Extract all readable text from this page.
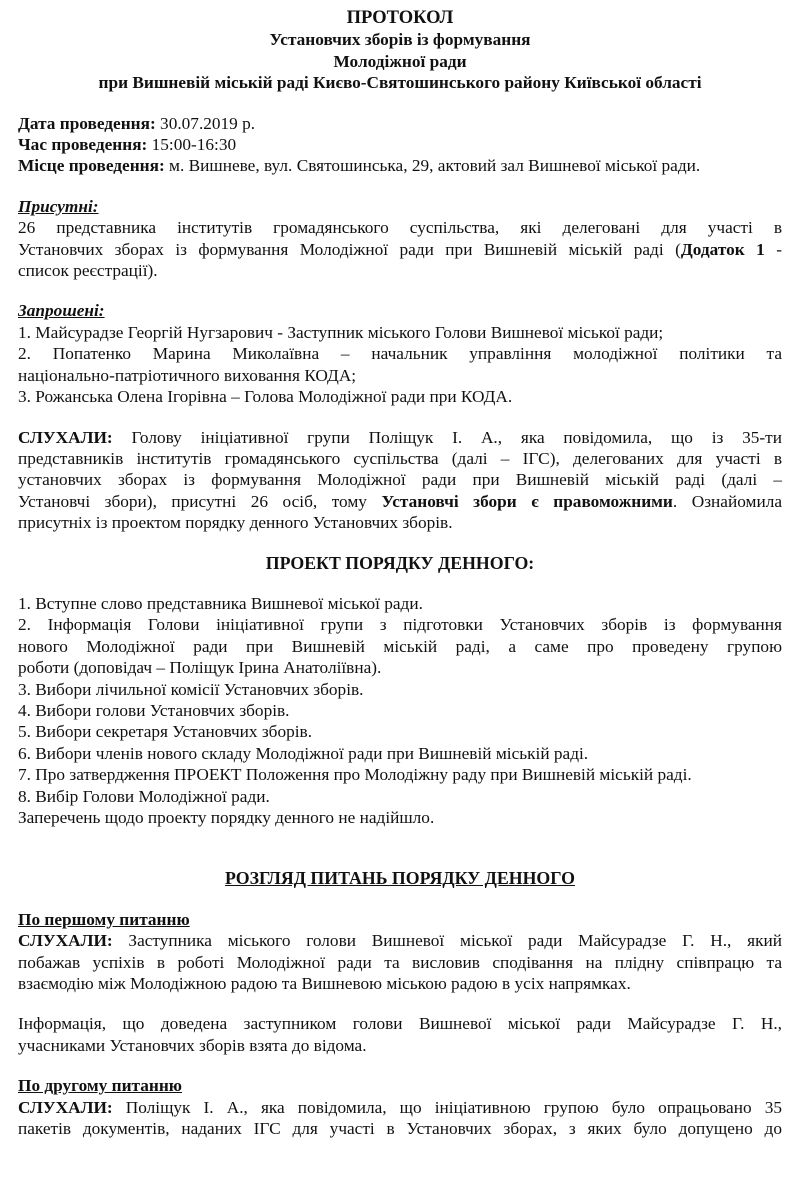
ПРОТОКОЛ

Установчих зборів із формування

Молодіжної ради

при Вишневій міській раді Києво-Святошинського району Київської області

Дата проведення: 30.07.2019 р.

Час проведення: 15:00-16:30

Місце проведення: м. Вишневе, вул. Святошинська, 29, актовий зал Вишневої міської ради.

Присутні:

26 представника інститутів громадянського суспільства, які делеговані для участі в

Установчих зборах із формування Молодіжної ради при Вишневій міській раді (Додаток 1 -

список реєстрації).

Запрошені:

1. Майсурадзе Георгій Нугзарович - Заступник міського Голови Вишневої міської ради;

2. Попатенко Марина Миколаївна – начальник управління молодіжної політики та

національно-патріотичного виховання КОДА;

3. Рожанська Олена Ігорівна – Голова Молодіжної ради при КОДА.

СЛУХАЛИ: Голову ініціативної групи Поліщук І. А., яка повідомила, що із 35-ти

представників інститутів громадянського суспільства (далі – ІГС), делегованих для участі в

установчих зборах із формування Молодіжної ради при Вишневій міській раді (далі –

Установчі збори), присутні 26 осіб, тому Установчі збори є правоможними. Ознайомила

присутніх із проектом порядку денного Установчих зборів.

ПРОЕКТ ПОРЯДКУ ДЕННОГО:

1. Вступне слово представника Вишневої міської ради.

2. Інформація Голови ініціативної групи з підготовки Установчих зборів із формування

нового Молодіжної ради при Вишневій міській раді, а саме про проведену групою

роботи (доповідач – Поліщук Ірина Анатоліївна).

3. Вибори лічильної комісії Установчих зборів.

4. Вибори голови Установчих зборів.

5. Вибори секретаря Установчих зборів.

6. Вибори членів нового складу Молодіжної ради при Вишневій міській раді.

7. Про затвердження ПРОЕКТ Положення про Молодіжну раду при Вишневій міській раді.

8. Вибір Голови Молодіжної ради.

Заперечень щодо проекту порядку денного не надійшло.

РОЗГЛЯД ПИТАНЬ ПОРЯДКУ ДЕННОГО

По першому питанню

СЛУХАЛИ: Заступника міського голови Вишневої міської ради Майсурадзе Г. Н., який

побажав успіхів в роботі Молодіжної ради та висловив сподівання на плідну співпрацю та

взаємодію між Молодіжною радою та Вишневою міською радою в усіх напрямках.

Інформація, що доведена заступником голови Вишневої міської ради Майсурадзе Г. Н.,

учасниками Установчих зборів взята до відома.

По другому питанню

СЛУХАЛИ: Поліщук І. А., яка повідомила, що ініціативною групою було опрацьовано 35

пакетів документів, наданих ІГС для участі в Установчих зборах, з яких було допущено до
